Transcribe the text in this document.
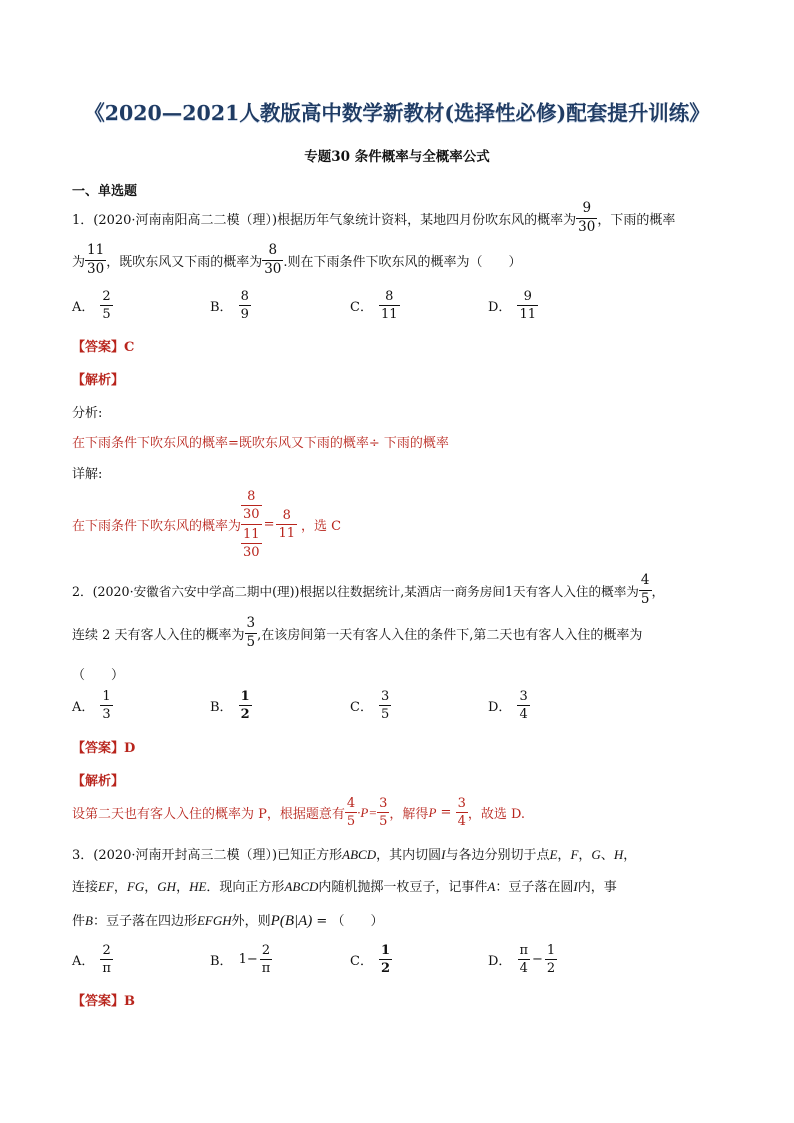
《2020—2021人教版高中数学新教材(选择性必修)配套提升训练》
专题30 条件概率与全概率公式
一、单选题
1．(2020·河南南阳高二二模（理）)根据历年气象统计资料，某地四月份吹东风的概率为 $\frac{9}{30}$ ，下雨的概率
为 $\frac{11}{30}$ ，既吹东风又下雨的概率为 $\frac{8}{30}$ .则在下雨条件下吹东风的概率为（　　）
A． $\frac{2}{5}$	B． $\frac{8}{9}$	C． $\frac{8}{11}$	D． $\frac{9}{11}$
【答案】C
【解析】
分析:
在下雨条件下吹东风的概率=既吹东风又下雨的概率÷ 下雨的概率
详解:
在下雨条件下吹东风的概率为 $\frac{\frac{8}{30}}{\frac{11}{30}} = \frac{8}{11}$ ，选 C
2．(2020·安徽省六安中学高二期中(理))根据以往数据统计,某酒店一商务房间1天有客人入住的概率为 $\frac{4}{5}$ ，
连续 2 天有客人入住的概率为 $\frac{3}{5}$ ,在该房间第一天有客人入住的条件下,第二天也有客人入住的概率为
（　　）
A． $\frac{1}{3}$	B． $\frac{1}{2}$	C． $\frac{3}{5}$	D． $\frac{3}{4}$
【答案】D
【解析】
设第二天也有客人入住的概率为 P，根据题意有 $\frac{4}{5} \cdot P= \frac{3}{5}$ ，解得 $P = \frac{3}{4}$ ，故选 D.
3．(2020·河南开封高三二模（理）)已知正方形ABCD，其内切圆I与各边分别切于点E，F，G、H，
连接EF，FG，GH，HE．现向正方形ABCD内随机抛掷一枚豆子，记事件A：豆子落在圆I内，事
件B：豆子落在四边形EFGH外，则P(B|A) = （　　）
A． $\frac{2}{\pi}$	B． $1- \frac{2}{\pi}$	C． $\frac{1}{2}$	D． $\frac{\pi}{4} - \frac{1}{2}$
【答案】B
